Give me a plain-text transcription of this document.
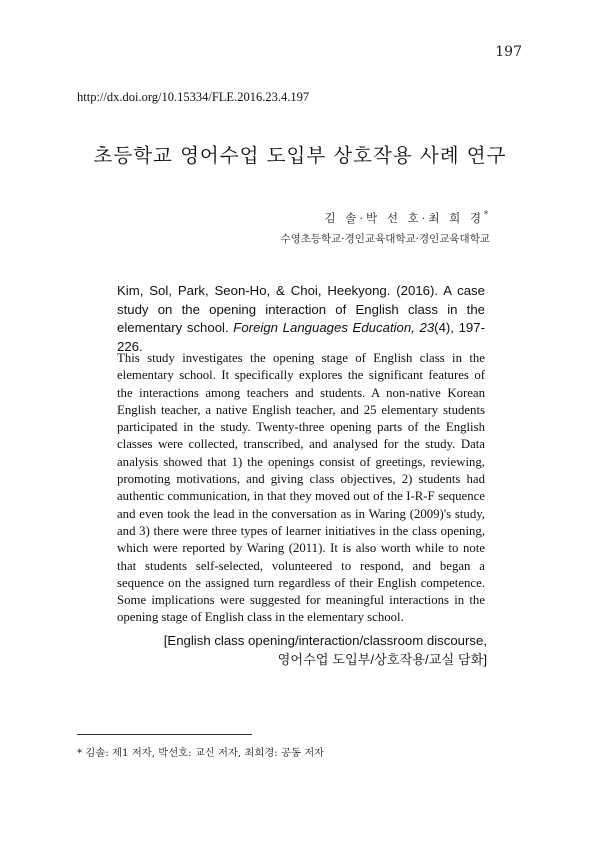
197
http://dx.doi.org/10.15334/FLE.2016.23.4.197
초등학교 영어수업 도입부 상호작용 사례 연구
김 솔·박 선 호·최 희 경*
수영초등학교·경인교육대학교·경인교육대학교
Kim, Sol, Park, Seon-Ho, & Choi, Heekyong. (2016). A case study on the opening interaction of English class in the elementary school. Foreign Languages Education, 23(4), 197-226.
This study investigates the opening stage of English class in the elementary school. It specifically explores the significant features of the interactions among teachers and students. A non-native Korean English teacher, a native English teacher, and 25 elementary students participated in the study. Twenty-three opening parts of the English classes were collected, transcribed, and analysed for the study. Data analysis showed that 1) the openings consist of greetings, reviewing, promoting motivations, and giving class objectives, 2) students had authentic communication, in that they moved out of the I-R-F sequence and even took the lead in the conversation as in Waring (2009)'s study, and 3) there were three types of learner initiatives in the class opening, which were reported by Waring (2011). It is also worth while to note that students self-selected, volunteered to respond, and began a sequence on the assigned turn regardless of their English competence. Some implications were suggested for meaningful interactions in the opening stage of English class in the elementary school.
[English class opening/interaction/classroom discourse,
영어수업 도입부/상호작용/교실 담화]
* 김솔: 제1 저자, 박선호: 교신 저자, 최희경: 공동 저자
